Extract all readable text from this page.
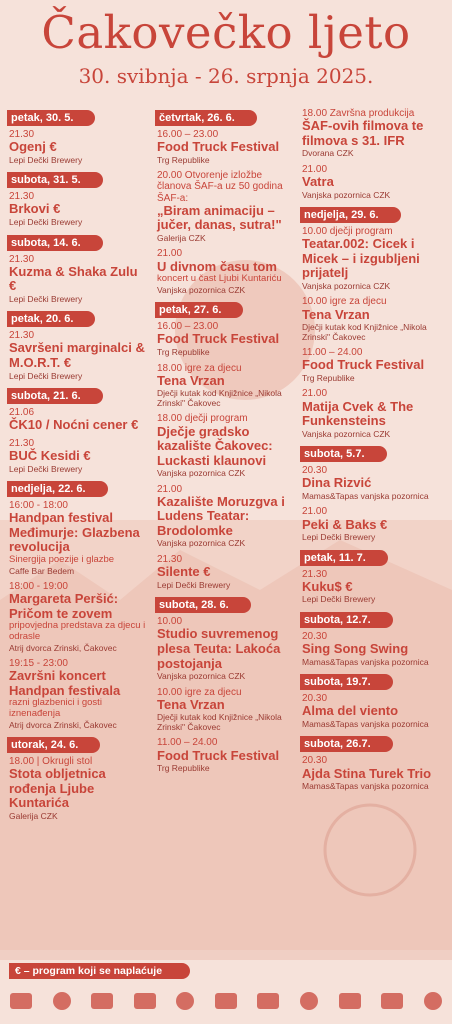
Čakovečko ljeto
30. svibnja - 26. srpnja 2025.
petak, 30. 5.
21.30
Ogenj €
Lepi Dečki Brewery
subota, 31. 5.
21.30
Brkovi €
Lepi Dečki Brewery
subota, 14. 6.
21.30
Kuzma & Shaka Zulu €
Lepi Dečki Brewery
petak, 20. 6.
21.30
Savršeni marginalci & M.O.R.T. €
Lepi Dečki Brewery
subota, 21. 6.
21.06
ČK10 / Noćni cener €
21.30
BUČ Kesidi €
Lepi Dečki Brewery
nedjelja, 22. 6.
16:00 - 18:00
Handpan festival Međimurje: Glazbena revolucija
Sinergija poezije i glazbe
Caffe Bar Bedem
18:00 - 19:00
Margareta Peršić: Pričom te zovem
pripovjedna predstava za djecu i odrasle
Atrij dvorca Zrinski, Čakovec
19:15 - 23:00
Završni koncert Handpan festivala
razni glazbenici i gosti iznenađenja
Atrij dvorca Zrinski, Čakovec
utorak, 24. 6.
18.00 | Okrugli stol
Stota obljetnica rođenja Ljube Kuntarića
Galerija CZK
četvrtak, 26. 6.
16.00 – 23.00
Food Truck Festival
Trg Republike
20.00 Otvorenje izložbe članova ŠAF-a uz 50 godina ŠAF-a:
„Biram animaciju – jučer, danas, sutra!"
Galerija CZK
21.00
U divnom času tom
koncert u čast Ljubi Kuntariću
Vanjska pozornica CZK
petak, 27. 6.
16.00 – 23.00
Food Truck Festival
Trg Republike
18.00 igre za djecu
Tena Vrzan
Dječji kutak kod Knjižnice „Nikola Zrinski" Čakovec
18.00 dječji program
Dječje gradsko kazalište Čakovec: Luckasti klaunovi
Vanjska pozornica CZK
21.00
Kazalište Moruzgva i Ludens Teatar: Brodolomke
Vanjska pozornica CZK
21.30
Silente €
Lepi Dečki Brewery
subota, 28. 6.
10.00
Studio suvremenog plesa Teuta: Lakoća postojanja
Vanjska pozornica CZK
10.00 igre za djecu
Tena Vrzan
Dječji kutak kod Knjižnice „Nikola Zrinski" Čakovec
11.00 – 24.00
Food Truck Festival
Trg Republike
18.00 Završna produkcija
ŠAF-ovih filmova te filmova s 31. IFR
Dvorana CZK
21.00
Vatra
Vanjska pozornica CZK
nedjelja, 29. 6.
10.00 dječji program
Teatar.002: Cicek i Micek – i izgubljeni prijatelj
Vanjska pozornica CZK
10.00 igre za djecu
Tena Vrzan
Dječji kutak kod Knjižnice „Nikola Zrinski" Čakovec
11.00 – 24.00
Food Truck Festival
Trg Republike
21.00
Matija Cvek & The Funkensteins
Vanjska pozornica CZK
subota, 5.7.
20.30
Dina Rizvić
Mamas&Tapas vanjska pozornica
21.00
Peki & Baks €
Lepi Dečki Brewery
petak, 11. 7.
21.30
Kuku$ €
Lepi Dečki Brewery
subota, 12.7.
20.30
Sing Song Swing
Mamas&Tapas vanjska pozornica
subota, 19.7.
20.30
Alma del viento
Mamas&Tapas vanjska pozornica
subota, 26.7.
20.30
Ajda Stina Turek Trio
Mamas&Tapas vanjska pozornica
€ – program koji se naplaćuje
